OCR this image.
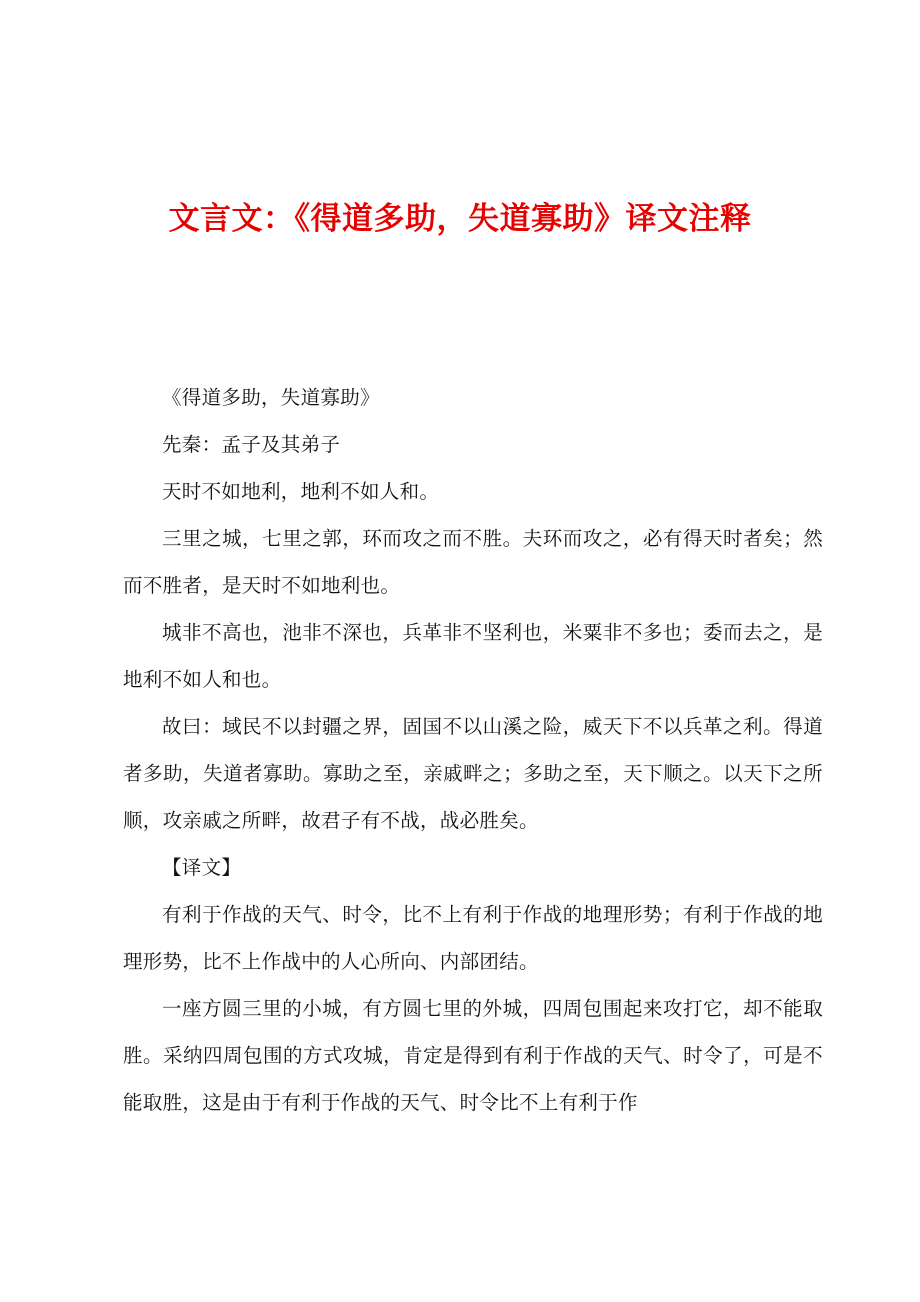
文言文：《得道多助，失道寡助》译文注释

《得道多助，失道寡助》

先秦：孟子及其弟子

天时不如地利，地利不如人和。

三里之城，七里之郭，环而攻之而不胜。夫环而攻之，必有得天时者矣；然而不胜者，是天时不如地利也。

城非不高也，池非不深也，兵革非不坚利也，米粟非不多也；委而去之，是地利不如人和也。

故曰：域民不以封疆之界，固国不以山溪之险，威天下不以兵革之利。得道者多助，失道者寡助。寡助之至，亲戚畔之；多助之至，天下顺之。以天下之所顺，攻亲戚之所畔，故君子有不战，战必胜矣。

【译文】

有利于作战的天气、时令，比不上有利于作战的地理形势；有利于作战的地理形势，比不上作战中的人心所向、内部团结。

一座方圆三里的小城，有方圆七里的外城，四周包围起来攻打它，却不能取胜。采纳四周包围的方式攻城，肯定是得到有利于作战的天气、时令了，可是不能取胜，这是由于有利于作战的天气、时令比不上有利于作
